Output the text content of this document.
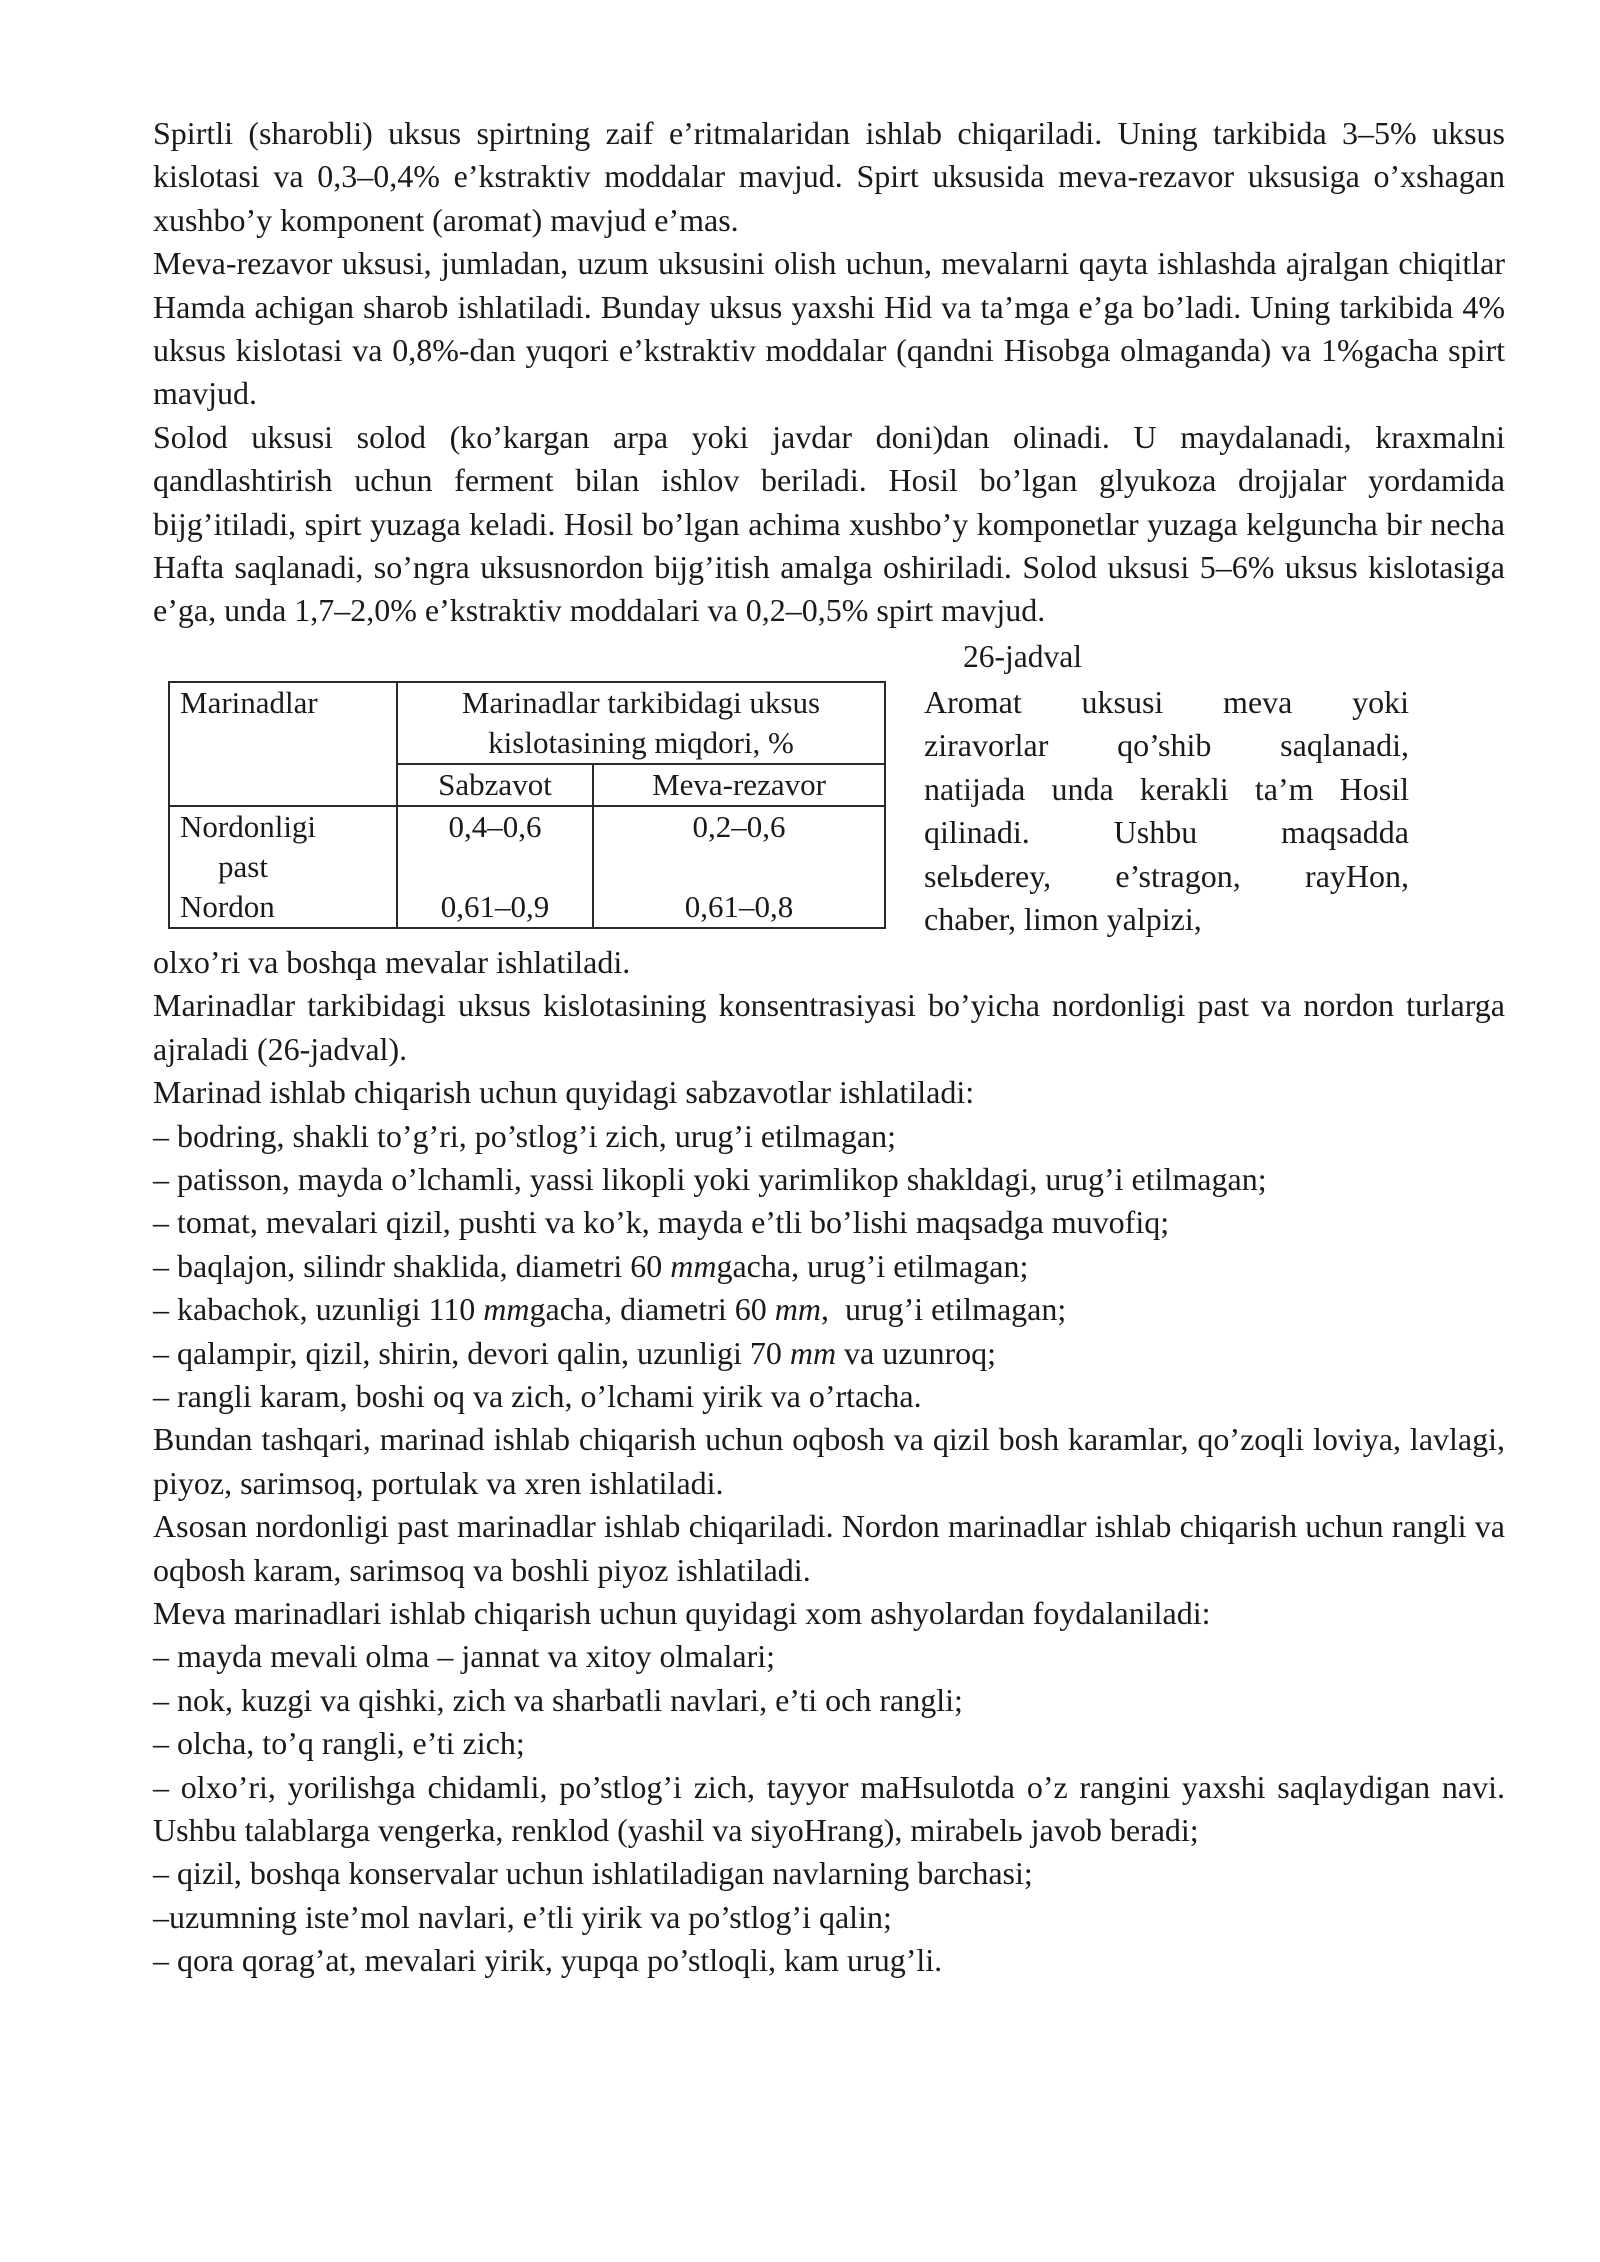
Spirtli (sharobli) uksus spirtning zaif e’ritmalaridan ishlab chiqariladi. Uning tarkibida 3–5% uksus kislotasi va 0,3–0,4% e’kstraktiv moddalar mavjud. Spirt uksusida meva-rezavor uksusiga o’xshagan xushbo’y komponent (aromat) mavjud e’mas.

Meva-rezavor uksusi, jumladan, uzum uksusini olish uchun, mevalarni qayta ishlashda ajralgan chiqitlar Hamda achigan sharob ishlatiladi. Bunday uksus yaxshi Hid va ta’mga e’ga bo’ladi. Uning tarkibida 4% uksus kislotasi va 0,8%-dan yuqori e’kstraktiv moddalar (qandni Hisobga olmaganda) va 1%gacha spirt mavjud.

Solod uksusi solod (ko’kargan arpa yoki javdar doni)dan olinadi. U maydalanadi, kraxmalni qandlashtirish uchun ferment bilan ishlov beriladi. Hosil bo’lgan glyukoza drojjalar yordamida bijg’itiladi, spirt yuzaga keladi. Hosil bo’lgan achima xushbo’y komponetlar yuzaga kelguncha bir necha Hafta saqlanadi, so’ngra uksusnordon bijg’itish amalga oshiriladi. Solod uksusi 5–6% uksus kislotasiga e’ga, unda 1,7–2,0% e’kstraktiv moddalari va 0,2–0,5% spirt mavjud.

26-jadval
Marinadlar	Marinadlar tarkibidagi uksus kislotasining miqdori, %	
	Sabzavot	Meva-rezavor

Nordonligi
past	0,4–0,6	0,2–0,6
Nordon	0,61–0,9	0,61–0,8
Aromat uksusi meva yoki
ziravorlar qo’shib saqlanadi,
natijada unda kerakli ta’m Hosil
qilinadi. Ushbu maqsadda
selьderey, e’stragon, rayHon,
chaber, limon yalpizi,

olxo’ri va boshqa mevalar ishlatiladi.

Marinadlar tarkibidagi uksus kislotasining konsentrasiyasi bo’yicha nordonligi past va nordon turlarga ajraladi (26-jadval).

Marinad ishlab chiqarish uchun quyidagi sabzavotlar ishlatiladi:

– bodring, shakli to’g’ri, po’stlog’i zich, urug’i etilmagan;

– patisson, mayda o’lchamli, yassi likopli yoki yarimlikop shakldagi, urug’i etilmagan;

– tomat, mevalari qizil, pushti va ko’k, mayda e’tli bo’lishi maqsadga muvofiq;

– baqlajon, silindr shaklida, diametri 60 mmgacha, urug’i etilmagan;

– kabachok, uzunligi 110 mmgacha, diametri 60 mm,  urug’i etilmagan;

– qalampir, qizil, shirin, devori qalin, uzunligi 70 mm va uzunroq;

– rangli karam, boshi oq va zich, o’lchami yirik va o’rtacha.

Bundan tashqari, marinad ishlab chiqarish uchun oqbosh va qizil bosh karamlar, qo’zoqli loviya, lavlagi, piyoz, sarimsoq, portulak va xren ishlatiladi.

Asosan nordonligi past marinadlar ishlab chiqariladi. Nordon marinadlar ishlab chiqarish uchun rangli va oqbosh karam, sarimsoq va boshli piyoz ishlatiladi.

Meva marinadlari ishlab chiqarish uchun quyidagi xom ashyolardan foydalaniladi:

– mayda mevali olma – jannat va xitoy olmalari;

– nok, kuzgi va qishki, zich va sharbatli navlari, e’ti och rangli;

– olcha, to’q rangli, e’ti zich;

– olxo’ri, yorilishga chidamli, po’stlog’i zich, tayyor maHsulotda o’z rangini yaxshi saqlaydigan navi. Ushbu talablarga vengerka, renklod (yashil va siyoHrang), mirabelь javob beradi;

– qizil, boshqa konservalar uchun ishlatiladigan navlarning barchasi;

–uzumning iste’mol navlari, e’tli yirik va po’stlog’i qalin;

– qora qorag’at, mevalari yirik, yupqa po’stloqli, kam urug’li.
